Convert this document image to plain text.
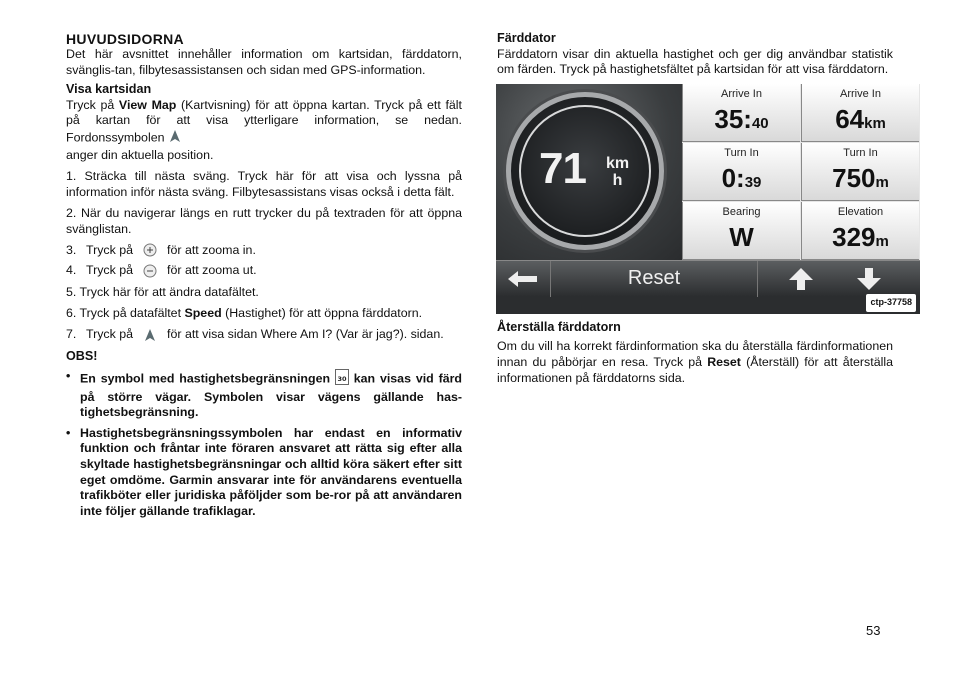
HUVUDSIDORNA
Det här avsnittet innehåller information om kartsidan, färddatorn, svänglis-tan, filbytesassistansen och sidan med GPS-information.
Visa kartsidan
Tryck på View Map (Kartvisning) för att öppna kartan. Tryck på ett fält på kartan för att visa ytterligare information, se nedan. Fordonssymbolen
anger din aktuella position.
1. Sträcka till nästa sväng. Tryck här för att visa och lyssna på information inför nästa sväng. Filbytesassistans visas också i detta fält.
2. När du navigerar längs en rutt trycker du på textraden för att öppna svänglistan.
3. Tryck på	för att zooma in.
4. Tryck på	för att zooma ut.
5. Tryck här för att ändra datafältet.
6. Tryck på datafältet Speed (Hastighet) för att öppna färddatorn.
7. Tryck på	för att visa sidan Where Am I? (Var är jag?). sidan.
OBS!
• En symbol med hastighetsbegränsningen 30 kan visas vid färd på större vägar. Symbolen visar vägens gällande has-tighetsbegränsning.
• Hastighetsbegränsningssymbolen har endast en informativ funktion och fråntar inte föraren ansvaret att rätta sig efter alla skyltade hastighetsbegränsningar och alltid köra säkert efter sitt eget omdöme. Garmin ansvarar inte för användarens eventuella trafikböter eller juridiska påföljder som be-ror på att användaren inte följer gällande trafiklagar.
Färddator
Färddatorn visar din aktuella hastighet och ger dig användbar statistik om färden. Tryck på hastighetsfältet på kartsidan för att visa färddatorn.
71 km
h
Arrive In
35:40
Arrive In
64km
Turn In
0:39
Turn In
750m
Bearing
W
Elevation
329m
Reset
ctp-37758
Återställa färddatorn
Om du vill ha korrekt färdinformation ska du återställa färdinformationen innan du påbörjar en resa. Tryck på Reset (Återställ) för att återställa informationen på färddatorns sida.
53
